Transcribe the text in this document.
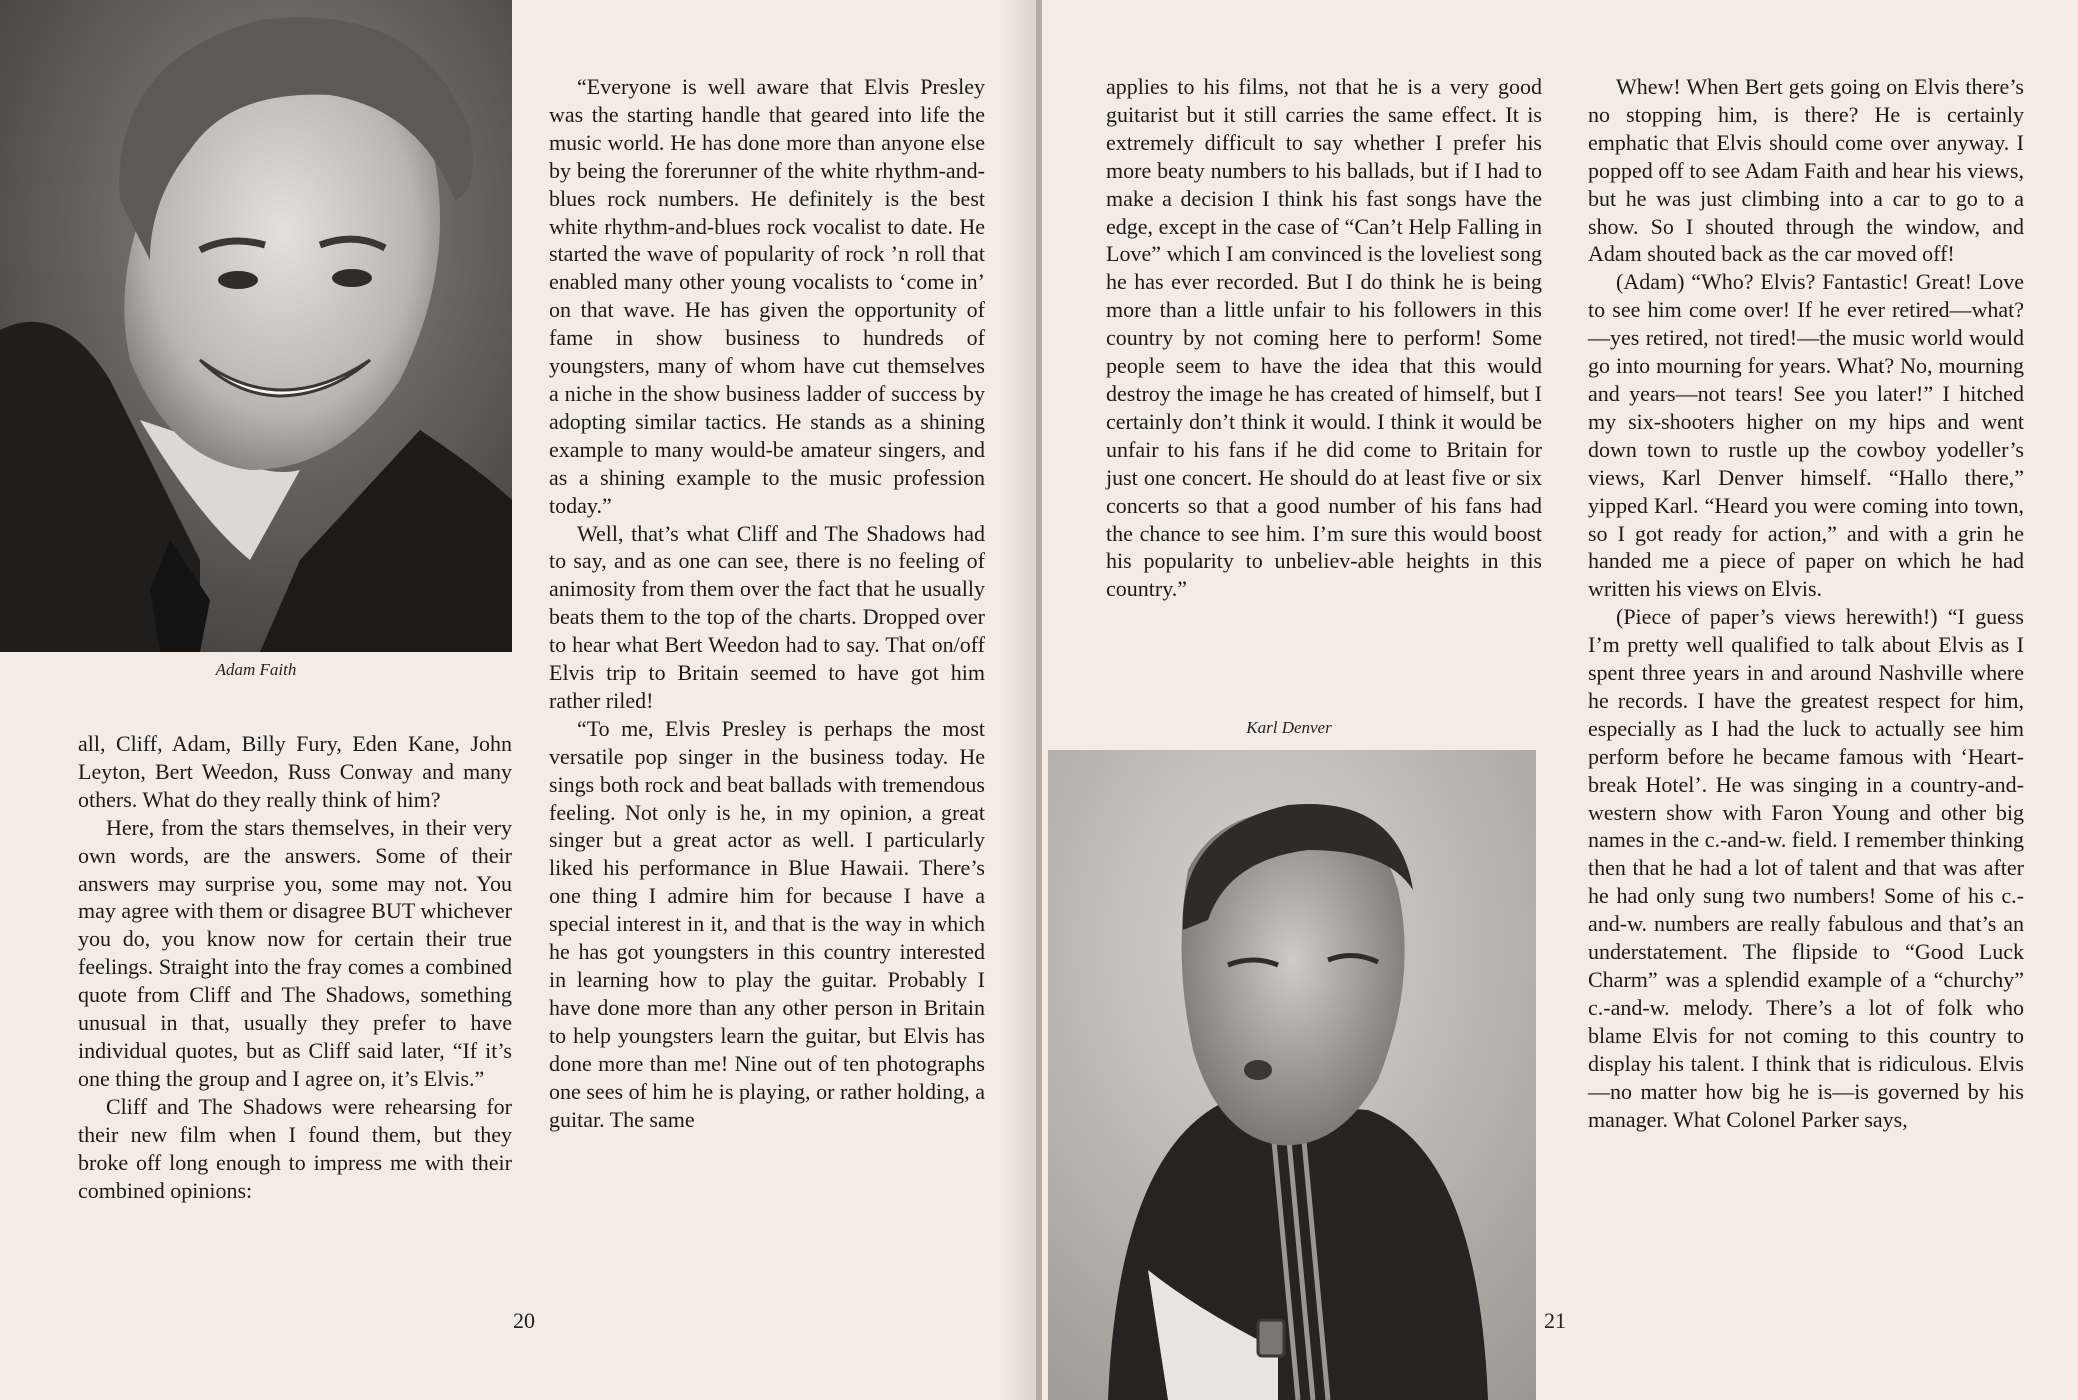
Adam Faith

all, Cliff, Adam, Billy Fury, Eden Kane, John Leyton, Bert Weedon, Russ Conway and many others. What do they really think of him?

Here, from the stars themselves, in their very own words, are the answers. Some of their answers may surprise you, some may not. You may agree with them or disagree BUT whichever you do, you know now for certain their true feelings. Straight into the fray comes a combined quote from Cliff and The Shadows, something unusual in that, usually they prefer to have individual quotes, but as Cliff said later, “If it’s one thing the group and I agree on, it’s Elvis.”

Cliff and The Shadows were rehearsing for their new film when I found them, but they broke off long enough to impress me with their combined opinions:

“Everyone is well aware that Elvis Presley was the starting handle that geared into life the music world. He has done more than anyone else by being the forerunner of the white rhythm-and-blues rock numbers. He definitely is the best white rhythm-and-blues rock vocalist to date. He started the wave of popularity of rock ’n roll that enabled many other young vocalists to ‘come in’ on that wave. He has given the opportunity of fame in show business to hundreds of youngsters, many of whom have cut themselves a niche in the show business ladder of success by adopting similar tactics. He stands as a shining example to many would-be amateur singers, and as a shining example to the music profession today.”

Well, that’s what Cliff and The Shadows had to say, and as one can see, there is no feeling of animosity from them over the fact that he usually beats them to the top of the charts. Dropped over to hear what Bert Weedon had to say. That on/off Elvis trip to Britain seemed to have got him rather riled!

“To me, Elvis Presley is perhaps the most versatile pop singer in the business today. He sings both rock and beat ballads with tremendous feeling. Not only is he, in my opinion, a great singer but a great actor as well. I particularly liked his performance in Blue Hawaii. There’s one thing I admire him for because I have a special interest in it, and that is the way in which he has got youngsters in this country interested in learning how to play the guitar. Probably I have done more than any other person in Britain to help youngsters learn the guitar, but Elvis has done more than me! Nine out of ten photographs one sees of him he is playing, or rather holding, a guitar. The same

20

applies to his films, not that he is a very good guitarist but it still carries the same effect. It is extremely difficult to say whether I prefer his more beaty numbers to his ballads, but if I had to make a decision I think his fast songs have the edge, except in the case of “Can’t Help Falling in Love” which I am convinced is the loveliest song he has ever recorded. But I do think he is being more than a little unfair to his followers in this country by not coming here to perform! Some people seem to have the idea that this would destroy the image he has created of himself, but I certainly don’t think it would. I think it would be unfair to his fans if he did come to Britain for just one concert. He should do at least five or six concerts so that a good number of his fans had the chance to see him. I’m sure this would boost his popularity to unbeliev-able heights in this country.”

Karl Denver

Whew! When Bert gets going on Elvis there’s no stopping him, is there? He is certainly emphatic that Elvis should come over anyway. I popped off to see Adam Faith and hear his views, but he was just climbing into a car to go to a show. So I shouted through the window, and Adam shouted back as the car moved off!

(Adam) “Who? Elvis? Fantastic! Great! Love to see him come over! If he ever retired—what?—yes retired, not tired!—the music world would go into mourning for years. What? No, mourning and years—not tears! See you later!” I hitched my six-shooters higher on my hips and went down town to rustle up the cowboy yodeller’s views, Karl Denver himself. “Hallo there,” yipped Karl. “Heard you were coming into town, so I got ready for action,” and with a grin he handed me a piece of paper on which he had written his views on Elvis.

(Piece of paper’s views herewith!) “I guess I’m pretty well qualified to talk about Elvis as I spent three years in and around Nashville where he records. I have the greatest respect for him, especially as I had the luck to actually see him perform before he became famous with ‘Heart-break Hotel’. He was singing in a country-and-western show with Faron Young and other big names in the c.-and-w. field. I remember thinking then that he had a lot of talent and that was after he had only sung two numbers! Some of his c.-and-w. numbers are really fabulous and that’s an understatement. The flipside to “Good Luck Charm” was a splendid example of a “churchy” c.-and-w. melody. There’s a lot of folk who blame Elvis for not coming to this country to display his talent. I think that is ridiculous. Elvis—no matter how big he is—is governed by his manager. What Colonel Parker says,

21
